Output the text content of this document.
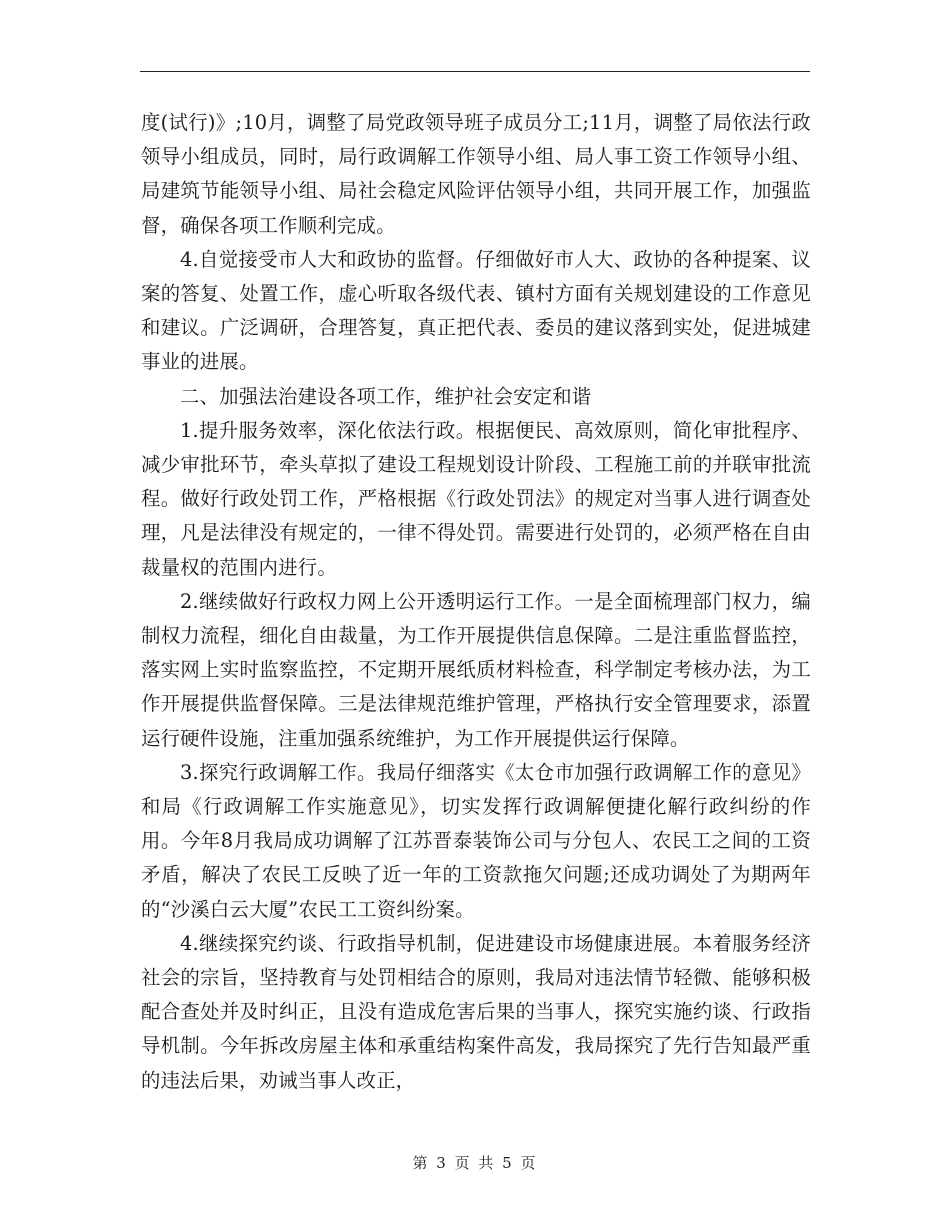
度(试行)》;10月，调整了局党政领导班子成员分工;11月，调整了局依法行政领导小组成员，同时，局行政调解工作领导小组、局人事工资工作领导小组、局建筑节能领导小组、局社会稳定风险评估领导小组，共同开展工作，加强监督，确保各项工作顺利完成。

4.自觉接受市人大和政协的监督。仔细做好市人大、政协的各种提案、议案的答复、处置工作，虚心听取各级代表、镇村方面有关规划建设的工作意见和建议。广泛调研，合理答复，真正把代表、委员的建议落到实处，促进城建事业的进展。

二、加强法治建设各项工作，维护社会安定和谐

1.提升服务效率，深化依法行政。根据便民、高效原则，简化审批程序、减少审批环节，牵头草拟了建设工程规划设计阶段、工程施工前的并联审批流程。做好行政处罚工作，严格根据《行政处罚法》的规定对当事人进行调查处理，凡是法律没有规定的，一律不得处罚。需要进行处罚的，必须严格在自由裁量权的范围内进行。

2.继续做好行政权力网上公开透明运行工作。一是全面梳理部门权力，编制权力流程，细化自由裁量，为工作开展提供信息保障。二是注重监督监控，落实网上实时监察监控，不定期开展纸质材料检查，科学制定考核办法，为工作开展提供监督保障。三是法律规范维护管理，严格执行安全管理要求，添置运行硬件设施，注重加强系统维护，为工作开展提供运行保障。

3.探究行政调解工作。我局仔细落实《太仓市加强行政调解工作的意见》和局《行政调解工作实施意见》，切实发挥行政调解便捷化解行政纠纷的作用。今年8月我局成功调解了江苏晋泰装饰公司与分包人、农民工之间的工资矛盾，解决了农民工反映了近一年的工资款拖欠问题;还成功调处了为期两年的“沙溪白云大厦”农民工工资纠纷案。

4.继续探究约谈、行政指导机制，促进建设市场健康进展。本着服务经济社会的宗旨，坚持教育与处罚相结合的原则，我局对违法情节轻微、能够积极配合查处并及时纠正，且没有造成危害后果的当事人，探究实施约谈、行政指导机制。今年拆改房屋主体和承重结构案件高发，我局探究了先行告知最严重的违法后果，劝诫当事人改正，

第 3 页 共 5 页
